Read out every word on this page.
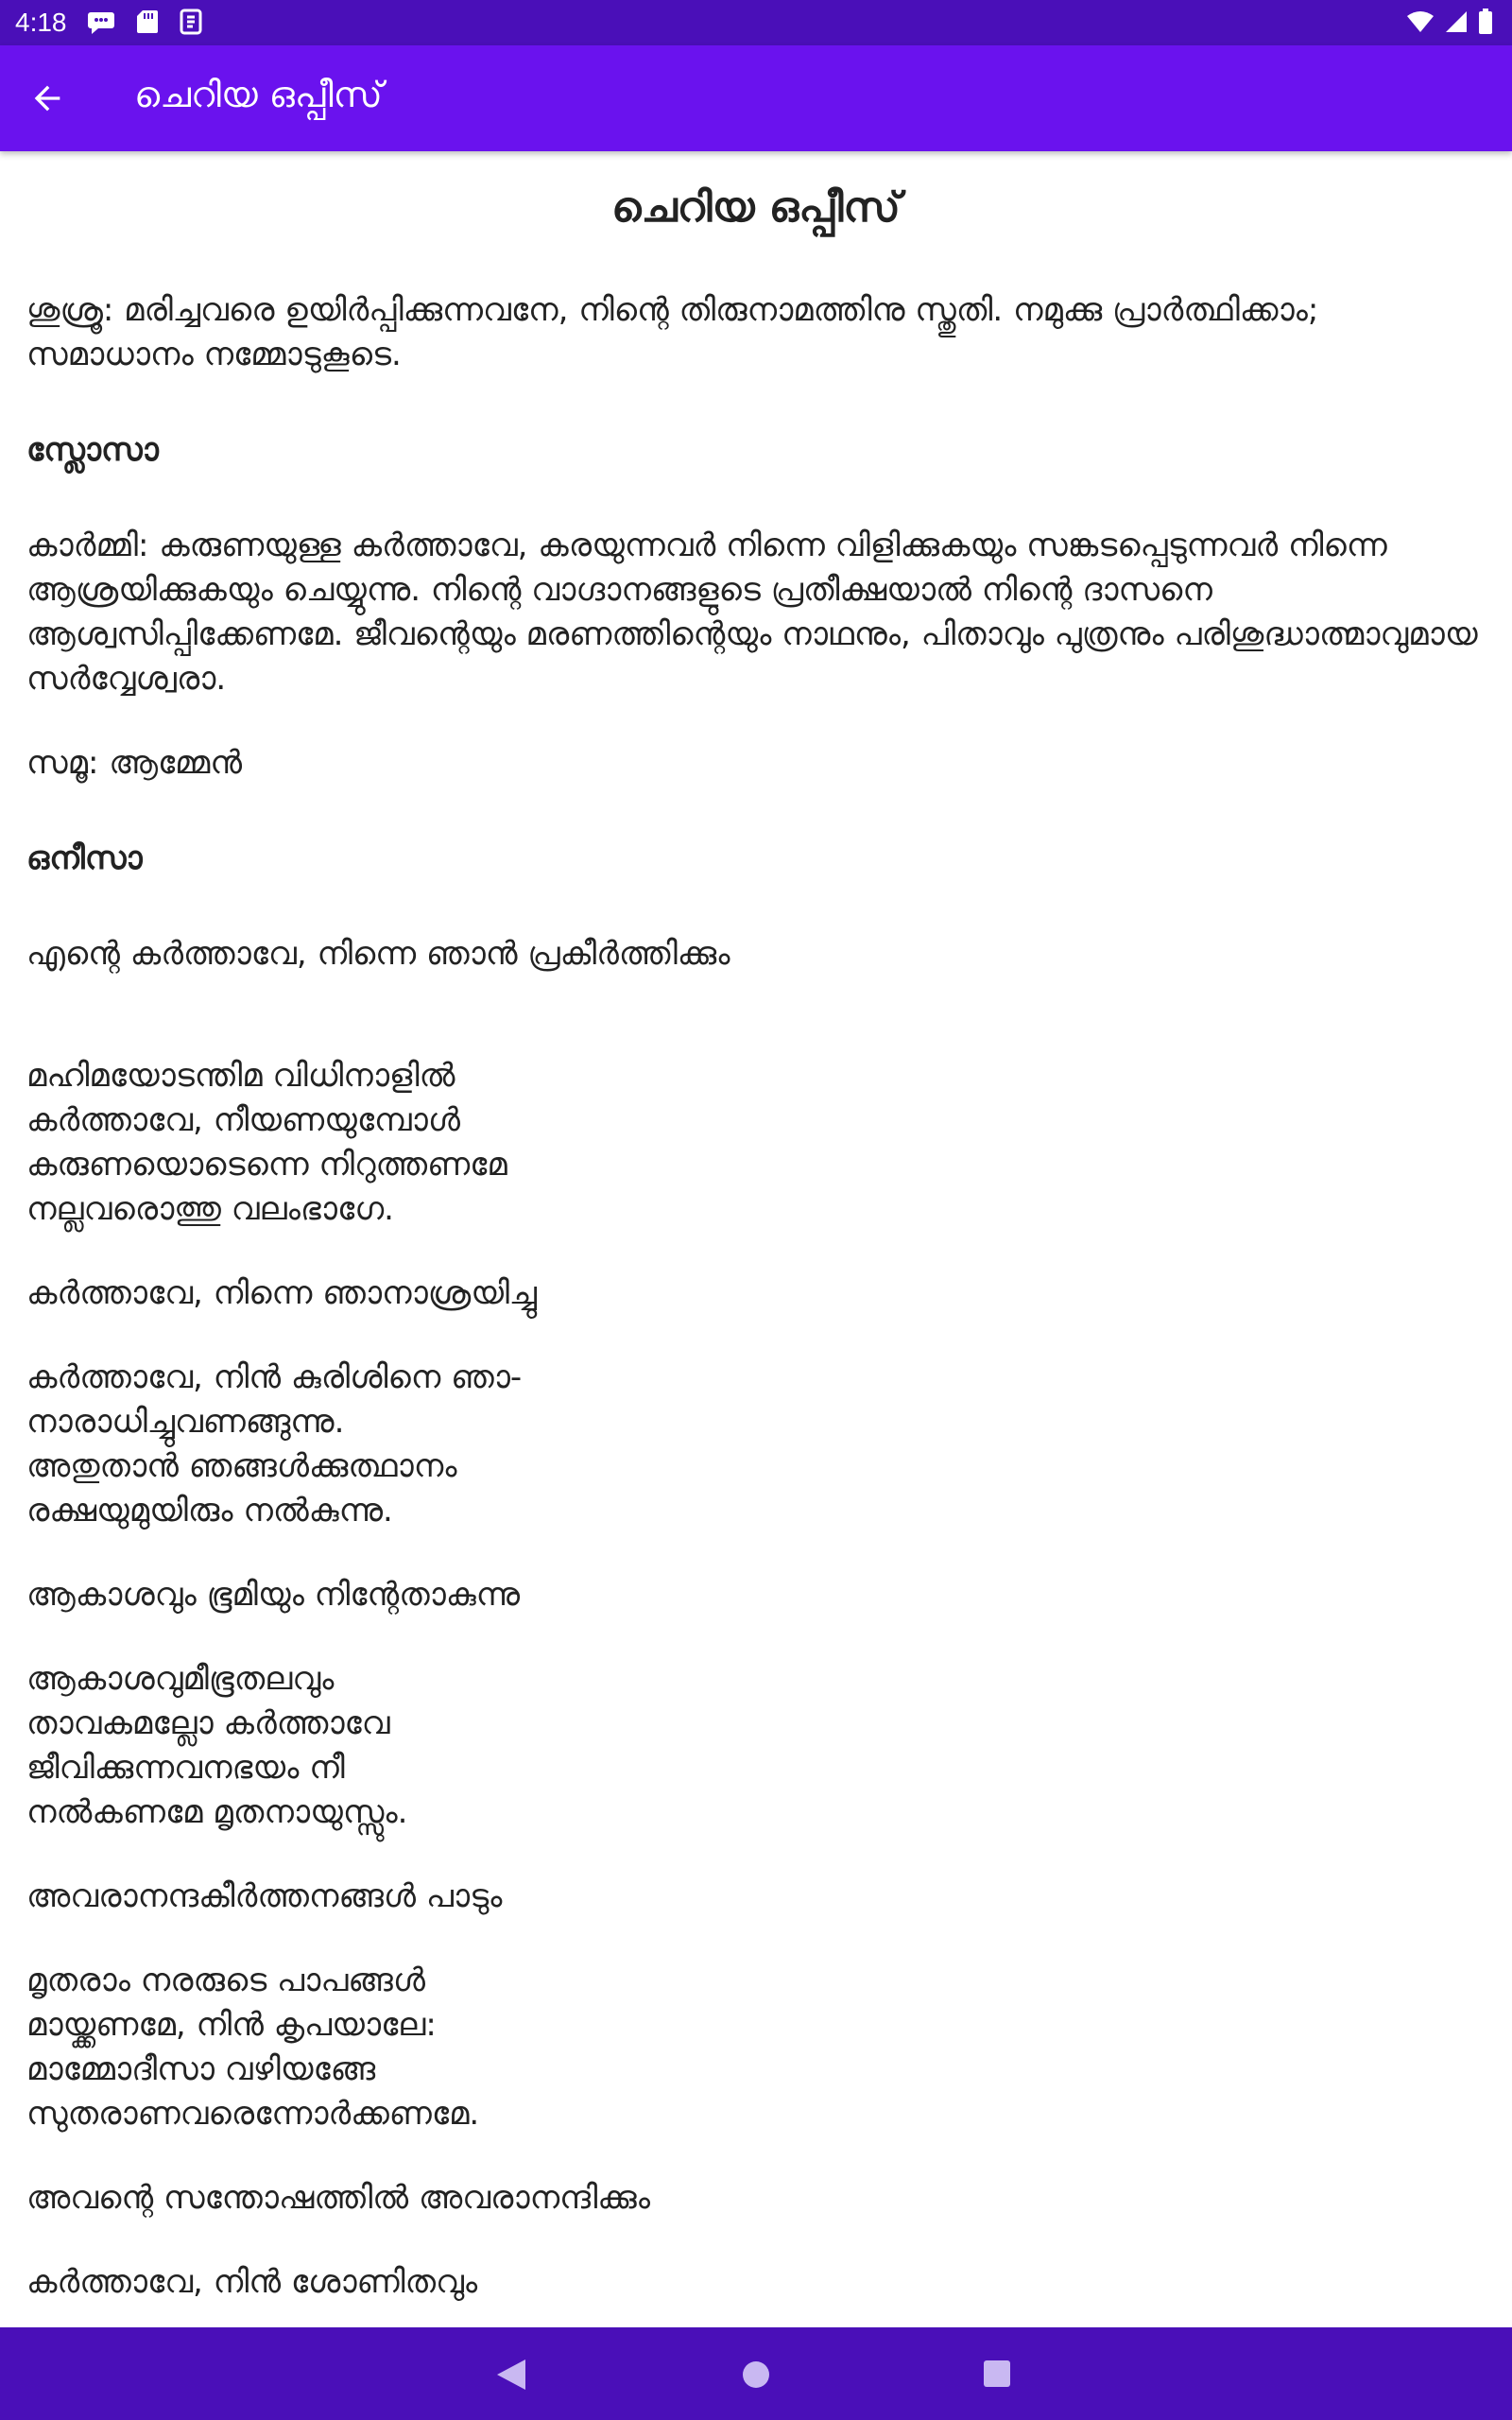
4:18
ചെറിയ ഒപ്പീസ്
ചെറിയ ഒപ്പീസ്

ശുശ്രൂ: മരിച്ചവരെ ഉയിർപ്പിക്കുന്നവനേ, നിന്റെ തിരുനാമത്തിനു സ്തുതി. നമുക്കു പ്രാർത്ഥിക്കാം; സമാധാനം നമ്മോടുകൂടെ.

സ്ലോസാ

കാർമ്മി: കരുണയുള്ള കർത്താവേ, കരയുന്നവർ നിന്നെ വിളിക്കുകയും സങ്കടപ്പെടുന്നവർ നിന്നെ ആശ്രയിക്കുകയും ചെയ്യുന്നു. നിന്റെ വാഗ്ദാനങ്ങളുടെ പ്രതീക്ഷയാൽ നിന്റെ ദാസനെ ആശ്വസിപ്പിക്കേണമേ. ജീവന്റെയും മരണത്തിന്റെയും നാഥനും, പിതാവും പുത്രനും പരിശുദ്ധാത്മാവുമായ സർവ്വേശ്വരാ.

സമൂ: ആമ്മേൻ

ഒനീസാ

എന്റെ കർത്താവേ, നിന്നെ ഞാൻ പ്രകീർത്തിക്കും

മഹിമയോടന്തിമ വിധിനാളിൽ
കർത്താവേ, നീയണയുമ്പോൾ
കരുണയൊടെന്നെ നിറുത്തണമേ
നല്ലവരൊത്തു വലംഭാഗേ.

കർത്താവേ, നിന്നെ ഞാനാശ്രയിച്ചു

കർത്താവേ, നിൻ കുരിശിനെ ഞാ-
നാരാധിച്ചുവണങ്ങുന്നു.
അതുതാൻ ഞങ്ങൾക്കുത്ഥാനം
രക്ഷയുമുയിരും നൽകുന്നു.

ആകാശവും ഭൂമിയും നിന്റേതാകുന്നു

ആകാശവുമീഭൂതലവും
താവകമല്ലോ കർത്താവേ
ജീവിക്കുന്നവനഭയം നീ
നൽകണമേ മൃതനായുസ്സും.

അവരാനന്ദകീർത്തനങ്ങൾ പാടും

മൃതരാം നരരുടെ പാപങ്ങൾ
മായ്ക്കണമേ, നിൻ കൃപയാലേ:
മാമ്മോദീസാ വഴിയങ്ങേ
സുതരാണവരെന്നോർക്കണമേ.

അവന്റെ സന്തോഷത്തിൽ അവരാനന്ദിക്കും

കർത്താവേ, നിൻ ശോണിതവും
